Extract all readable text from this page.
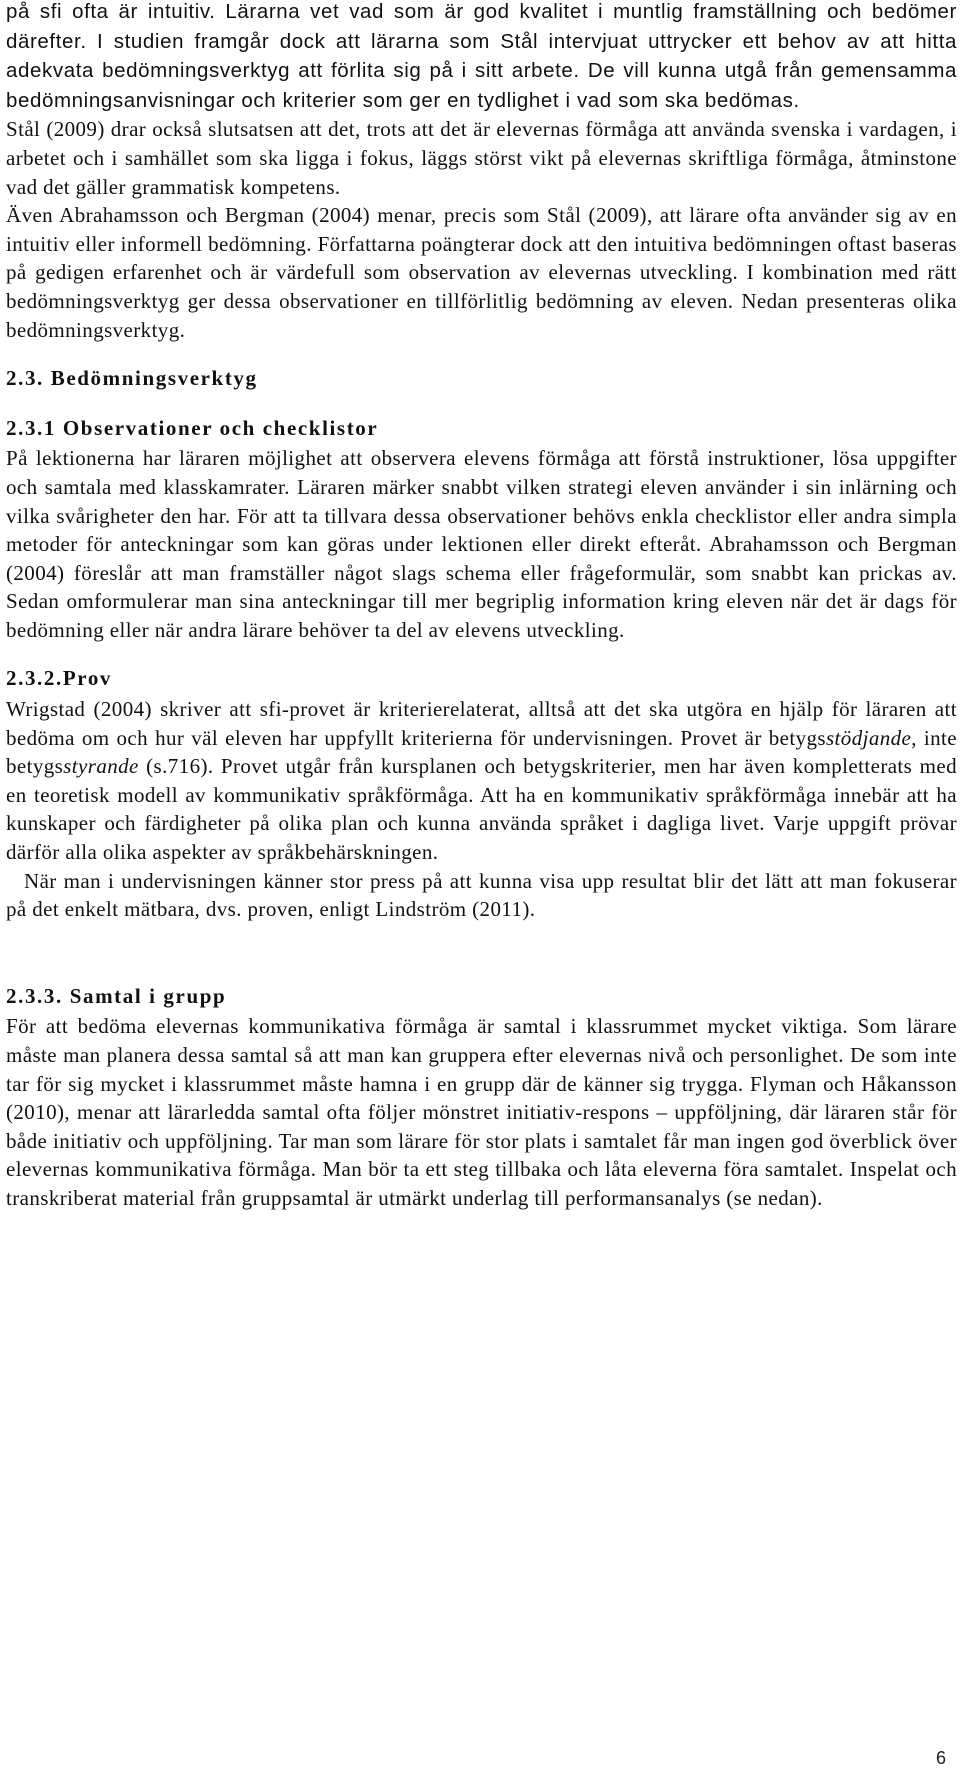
på sfi ofta är intuitiv. Lärarna vet vad som är god kvalitet i muntlig framställning och bedömer därefter. I studien framgår dock att lärarna som Stål intervjuat uttrycker ett behov av att hitta adekvata bedömningsverktyg att förlita sig på i sitt arbete. De vill kunna utgå från gemensamma bedömningsanvisningar och kriterier som ger en tydlighet i vad som ska bedömas.

Stål (2009) drar också slutsatsen att det, trots att det är elevernas förmåga att använda svenska i vardagen, i arbetet och i samhället som ska ligga i fokus, läggs störst vikt på elevernas skriftliga förmåga, åtminstone vad det gäller grammatisk kompetens.

Även Abrahamsson och Bergman (2004) menar, precis som Stål (2009), att lärare ofta använder sig av en intuitiv eller informell bedömning. Författarna poängterar dock att den intuitiva bedömningen oftast baseras på gedigen erfarenhet och är värdefull som observation av elevernas utveckling. I kombination med rätt bedömningsverktyg ger dessa observationer en tillförlitlig bedömning av eleven. Nedan presenteras olika bedömningsverktyg.

2.3. Bedömningsverktyg
2.3.1 Observationer och checklistor

På lektionerna har läraren möjlighet att observera elevens förmåga att förstå instruktioner, lösa uppgifter och samtala med klasskamrater. Läraren märker snabbt vilken strategi eleven använder i sin inlärning och vilka svårigheter den har. För att ta tillvara dessa observationer behövs enkla checklistor eller andra simpla metoder för anteckningar som kan göras under lektionen eller direkt efteråt. Abrahamsson och Bergman (2004) föreslår att man framställer något slags schema eller frågeformulär, som snabbt kan prickas av. Sedan omformulerar man sina anteckningar till mer begriplig information kring eleven när det är dags för bedömning eller när andra lärare behöver ta del av elevens utveckling.

2.3.2.Prov

Wrigstad (2004) skriver att sfi-provet är kriterierelaterat, alltså att det ska utgöra en hjälp för läraren att bedöma om och hur väl eleven har uppfyllt kriterierna för undervisningen. Provet är betygsstödjande, inte betygsstyrande (s.716). Provet utgår från kursplanen och betygskriterier, men har även kompletterats med en teoretisk modell av kommunikativ språkförmåga. Att ha en kommunikativ språkförmåga innebär att ha kunskaper och färdigheter på olika plan och kunna använda språket i dagliga livet. Varje uppgift prövar därför alla olika aspekter av språkbehärskningen.

När man i undervisningen känner stor press på att kunna visa upp resultat blir det lätt att man fokuserar på det enkelt mätbara, dvs. proven, enligt Lindström (2011).

2.3.3. Samtal i grupp

För att bedöma elevernas kommunikativa förmåga är samtal i klassrummet mycket viktiga. Som lärare måste man planera dessa samtal så att man kan gruppera efter elevernas nivå och personlighet. De som inte tar för sig mycket i klassrummet måste hamna i en grupp där de känner sig trygga. Flyman och Håkansson (2010), menar att lärarledda samtal ofta följer mönstret initiativ-respons – uppföljning, där läraren står för både initiativ och uppföljning. Tar man som lärare för stor plats i samtalet får man ingen god överblick över elevernas kommunikativa förmåga. Man bör ta ett steg tillbaka och låta eleverna föra samtalet. Inspelat och transkriberat material från gruppsamtal är utmärkt underlag till performansanalys (se nedan).

6
